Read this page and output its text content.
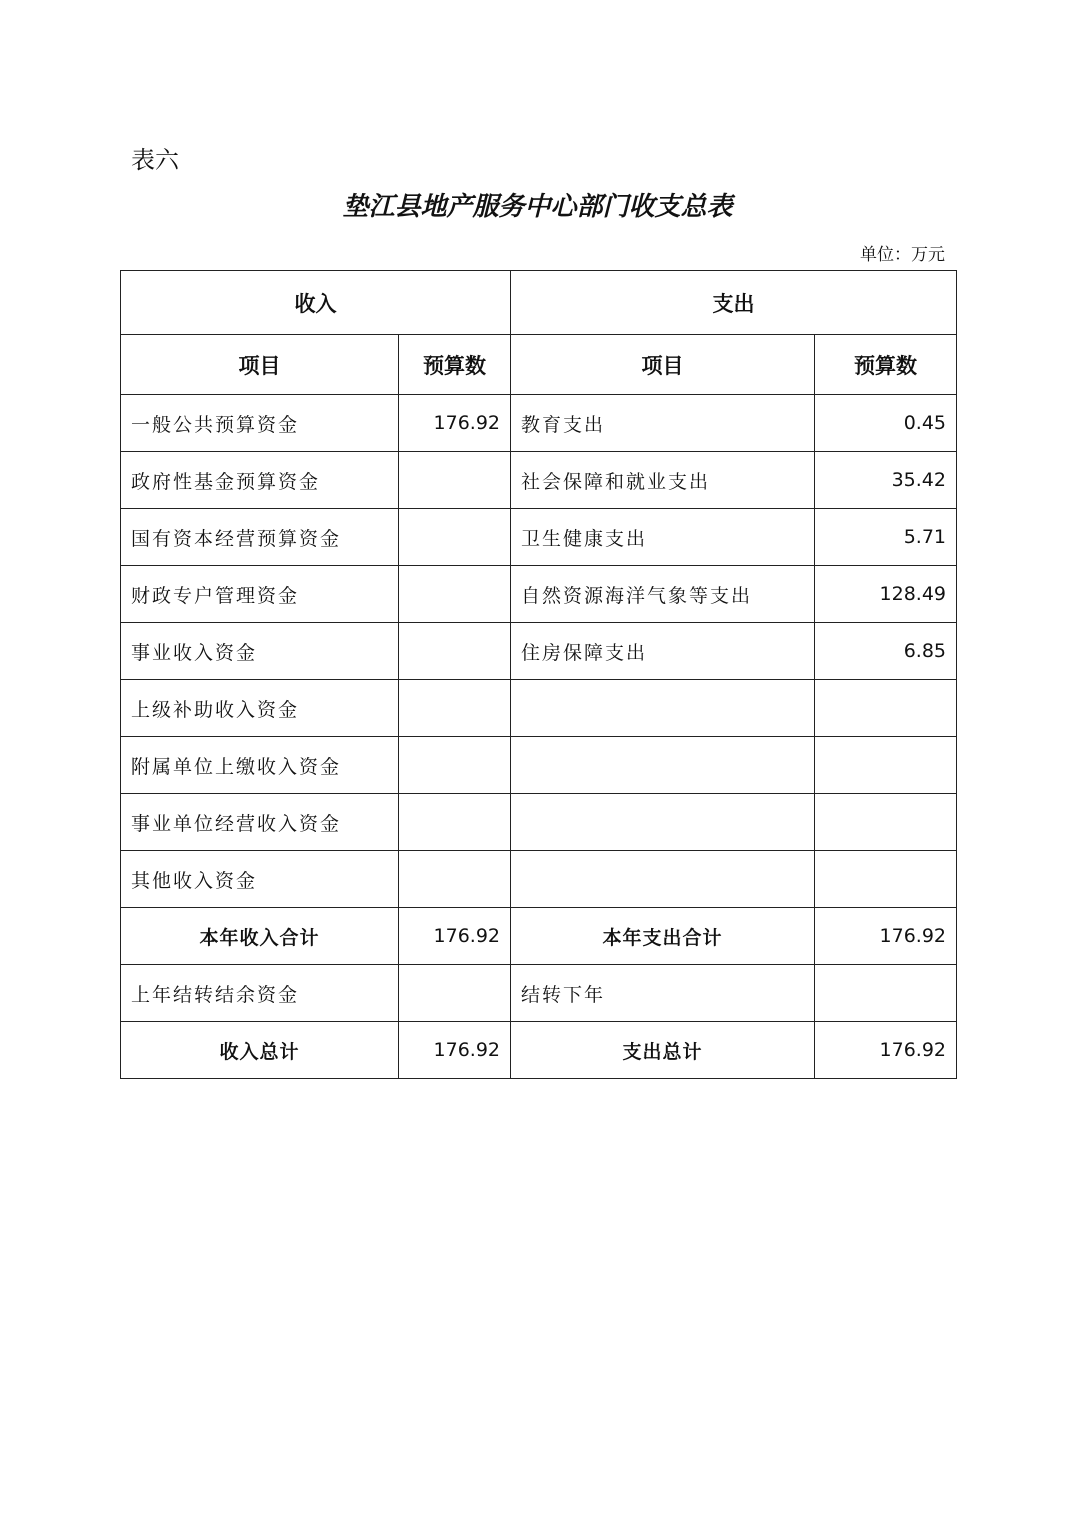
表六
垫江县地产服务中心部门收支总表
单位：万元
收入		支出	
项目	预算数	项目	预算数
一般公共预算资金	176.92	教育支出	0.45
政府性基金预算资金		社会保障和就业支出	35.42
国有资本经营预算资金		卫生健康支出	5.71
财政专户管理资金		自然资源海洋气象等支出	128.49
事业收入资金		住房保障支出	6.85
上级补助收入资金			
附属单位上缴收入资金			
事业单位经营收入资金			
其他收入资金			
本年收入合计	176.92	本年支出合计	176.92
上年结转结余资金		结转下年	
收入总计	176.92	支出总计	176.92
